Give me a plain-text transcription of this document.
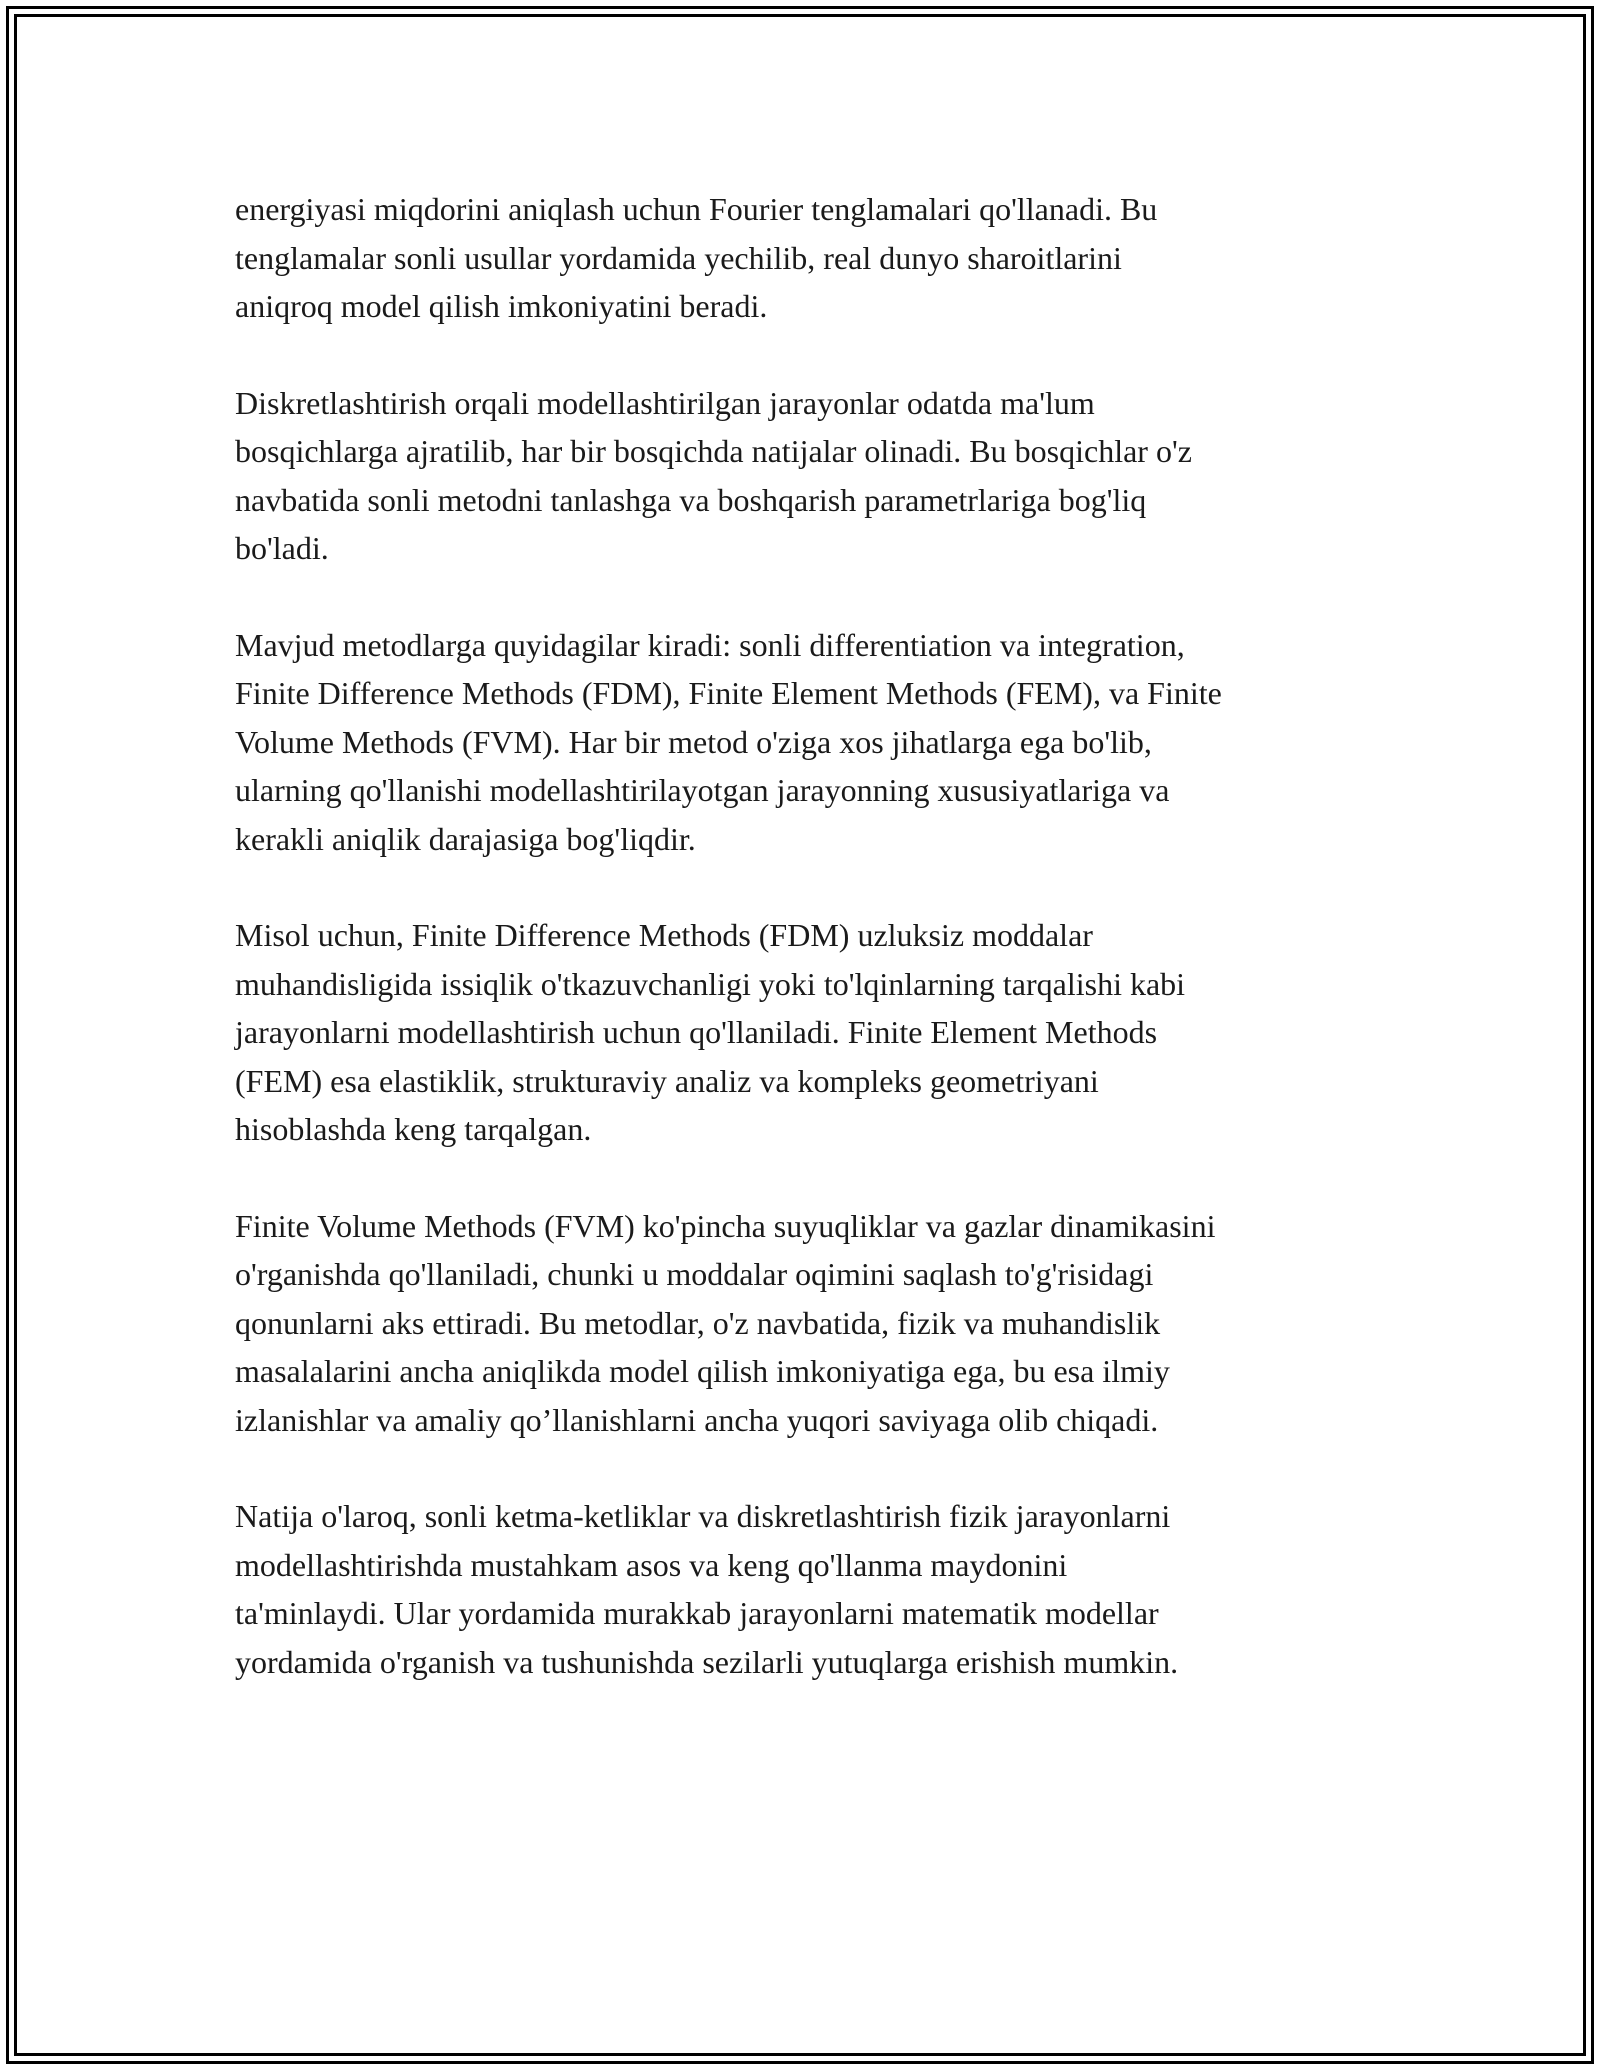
energiyasi miqdorini aniqlash uchun Fourier tenglamalari qo'llanadi. Bu
tenglamalar sonli usullar yordamida yechilib, real dunyo sharoitlarini
aniqroq model qilish imkoniyatini beradi.

Diskretlashtirish orqali modellashtirilgan jarayonlar odatda ma'lum
bosqichlarga ajratilib, har bir bosqichda natijalar olinadi. Bu bosqichlar o'z
navbatida sonli metodni tanlashga va boshqarish parametrlariga bog'liq
bo'ladi.

Mavjud metodlarga quyidagilar kiradi: sonli differentiation va integration,
Finite Difference Methods (FDM), Finite Element Methods (FEM), va Finite
Volume Methods (FVM). Har bir metod o'ziga xos jihatlarga ega bo'lib,
ularning qo'llanishi modellashtirilayotgan jarayonning xususiyatlariga va
kerakli aniqlik darajasiga bog'liqdir.

Misol uchun, Finite Difference Methods (FDM) uzluksiz moddalar
muhandisligida issiqlik o'tkazuvchanligi yoki to'lqinlarning tarqalishi kabi
jarayonlarni modellashtirish uchun qo'llaniladi. Finite Element Methods
(FEM) esa elastiklik, strukturaviy analiz va kompleks geometriyani
hisoblashda keng tarqalgan.

Finite Volume Methods (FVM) ko'pincha suyuqliklar va gazlar dinamikasini
o'rganishda qo'llaniladi, chunki u moddalar oqimini saqlash to'g'risidagi
qonunlarni aks ettiradi. Bu metodlar, o'z navbatida, fizik va muhandislik
masalalarini ancha aniqlikda model qilish imkoniyatiga ega, bu esa ilmiy
izlanishlar va amaliy qo’llanishlarni ancha yuqori saviyaga olib chiqadi.

Natija o'laroq, sonli ketma-ketliklar va diskretlashtirish fizik jarayonlarni
modellashtirishda mustahkam asos va keng qo'llanma maydonini
ta'minlaydi. Ular yordamida murakkab jarayonlarni matematik modellar
yordamida o'rganish va tushunishda sezilarli yutuqlarga erishish mumkin.
